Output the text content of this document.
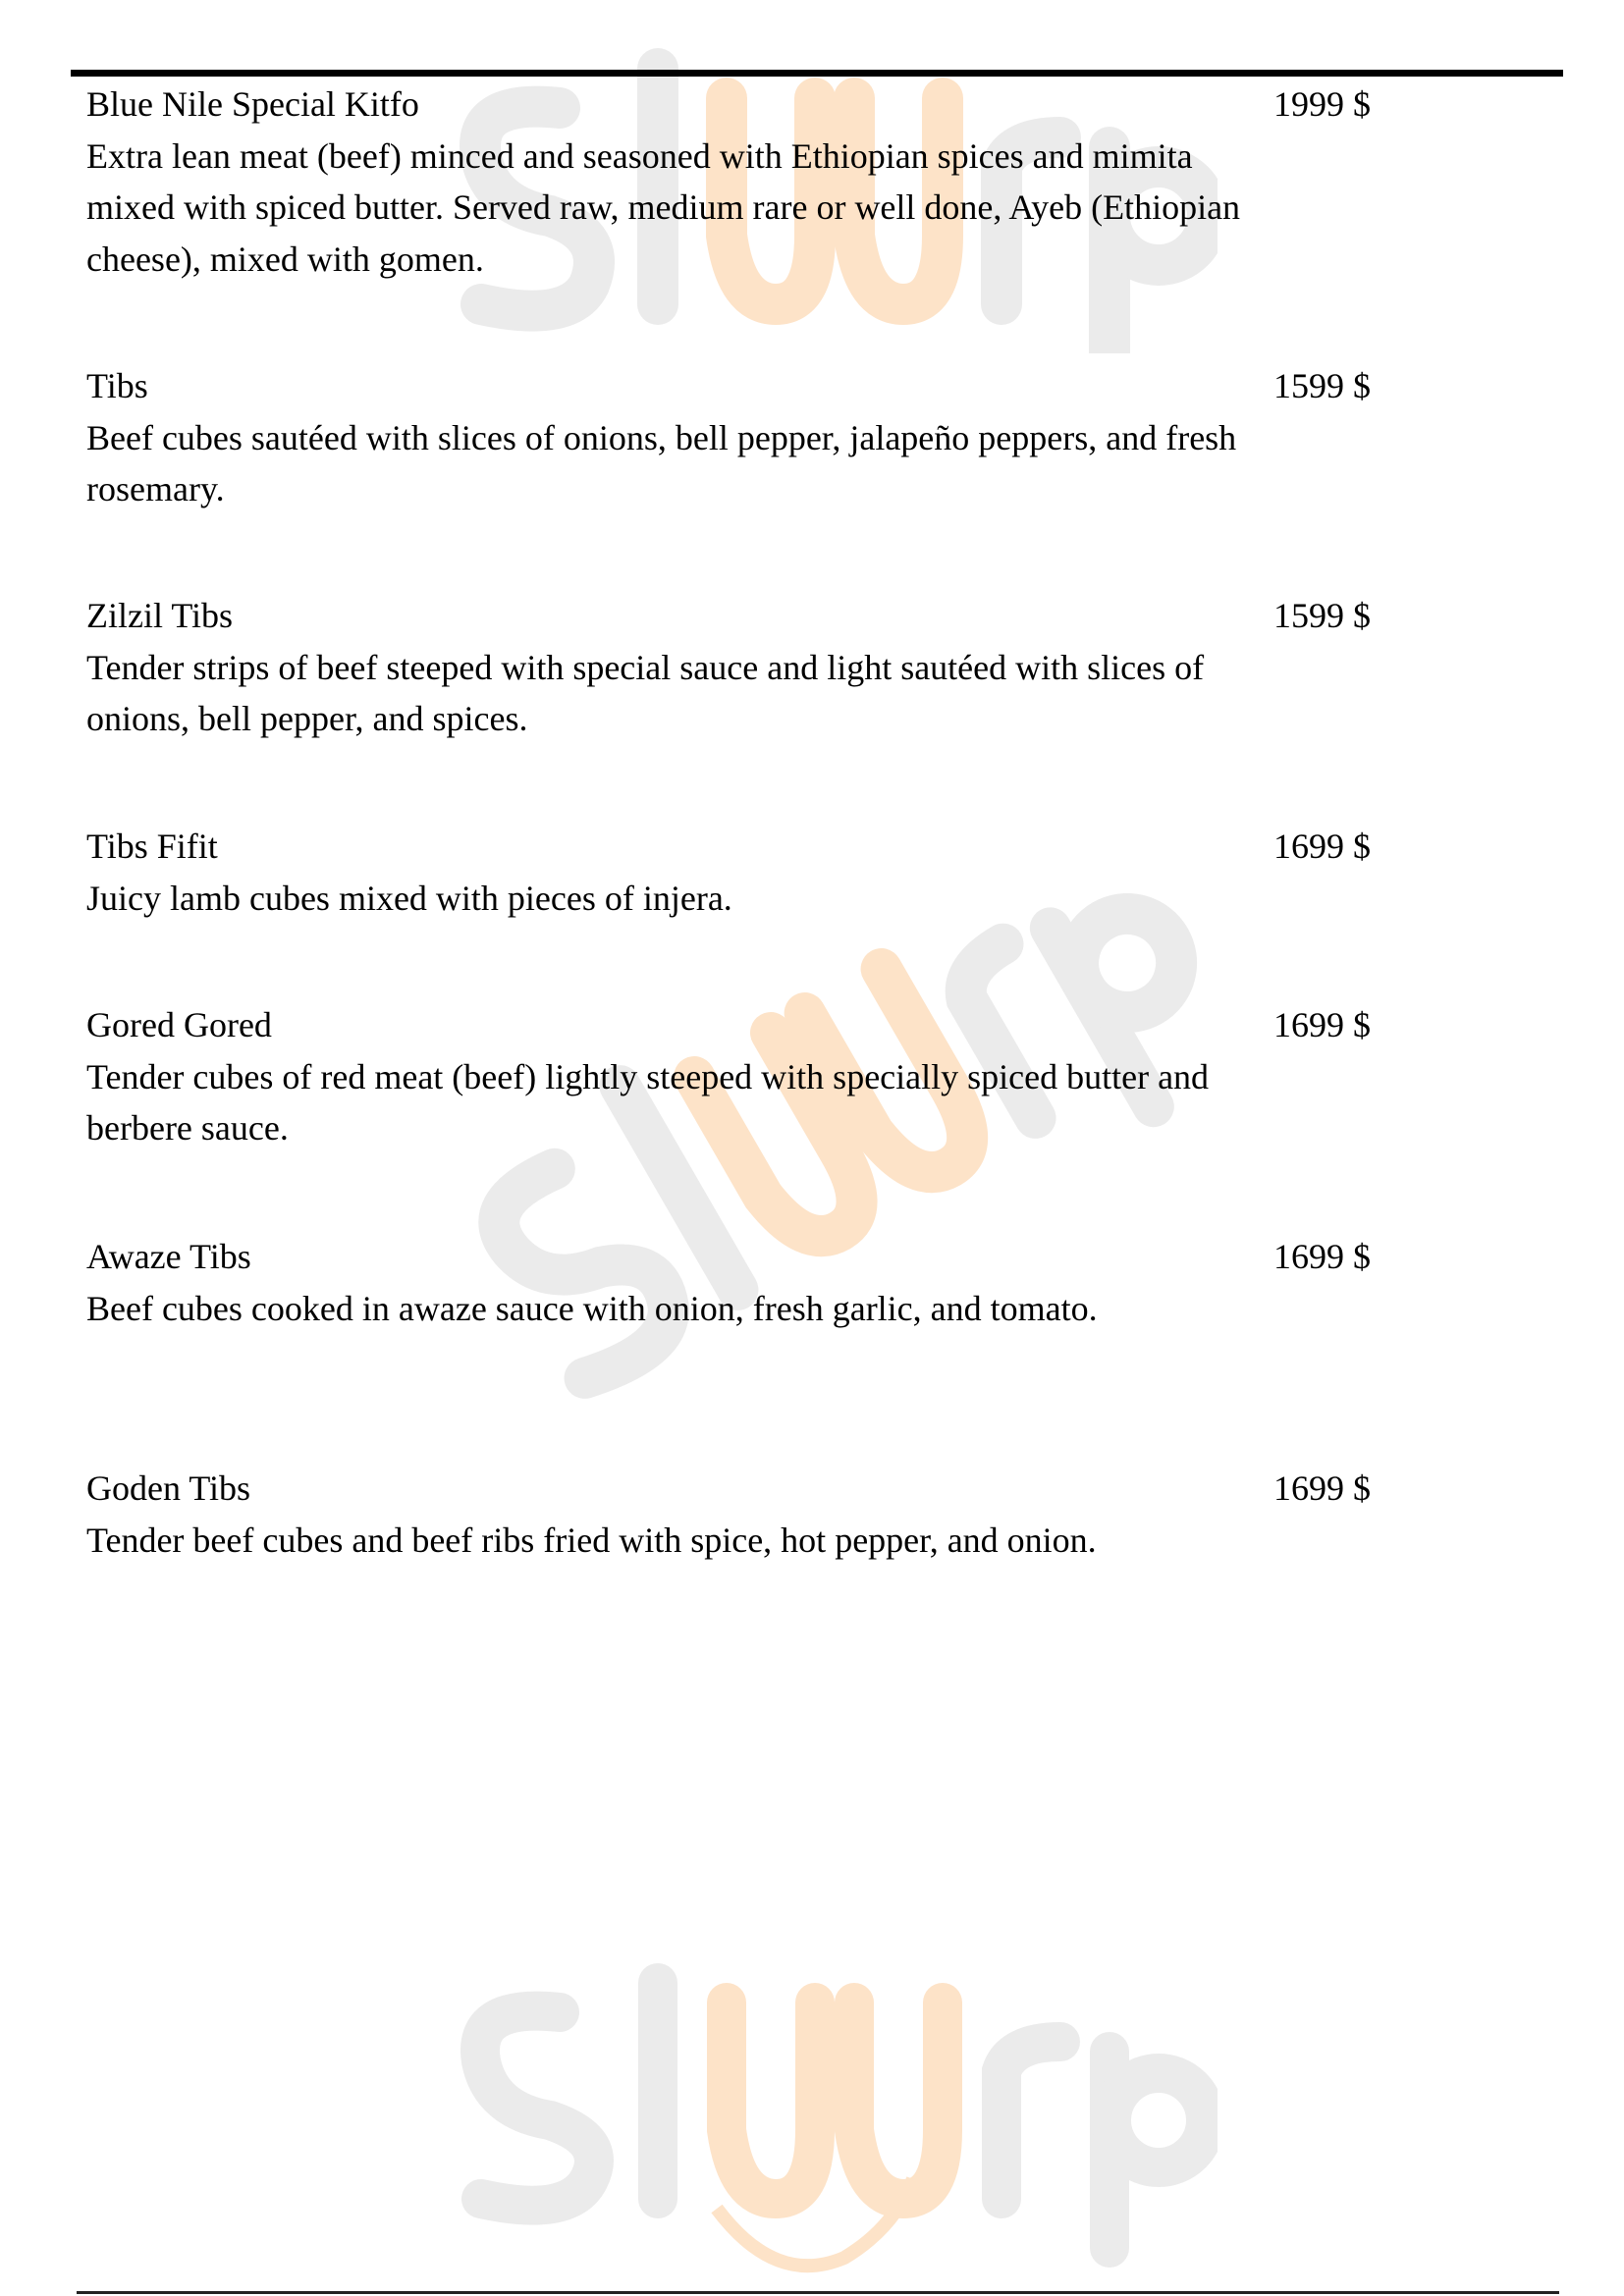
Blue Nile Special Kitfo
Extra lean meat (beef) minced and seasoned with Ethiopian spices and mimita mixed with spiced butter. Served raw, medium rare or well done, Ayeb (Ethiopian cheese), mixed with gomen.
1999 $
Tibs
Beef cubes sautéed with slices of onions, bell pepper, jalapeño peppers, and fresh rosemary.
1599 $
Zilzil Tibs
Tender strips of beef steeped with special sauce and light sautéed with slices of onions, bell pepper, and spices.
1599 $
Tibs Fifit
Juicy lamb cubes mixed with pieces of injera.
1699 $
Gored Gored
Tender cubes of red meat (beef) lightly steeped with specially spiced butter and berbere sauce.
1699 $
Awaze Tibs
Beef cubes cooked in awaze sauce with onion, fresh garlic, and tomato.
1699 $
Goden Tibs
Tender beef cubes and beef ribs fried with spice, hot pepper, and onion.
1699 $
